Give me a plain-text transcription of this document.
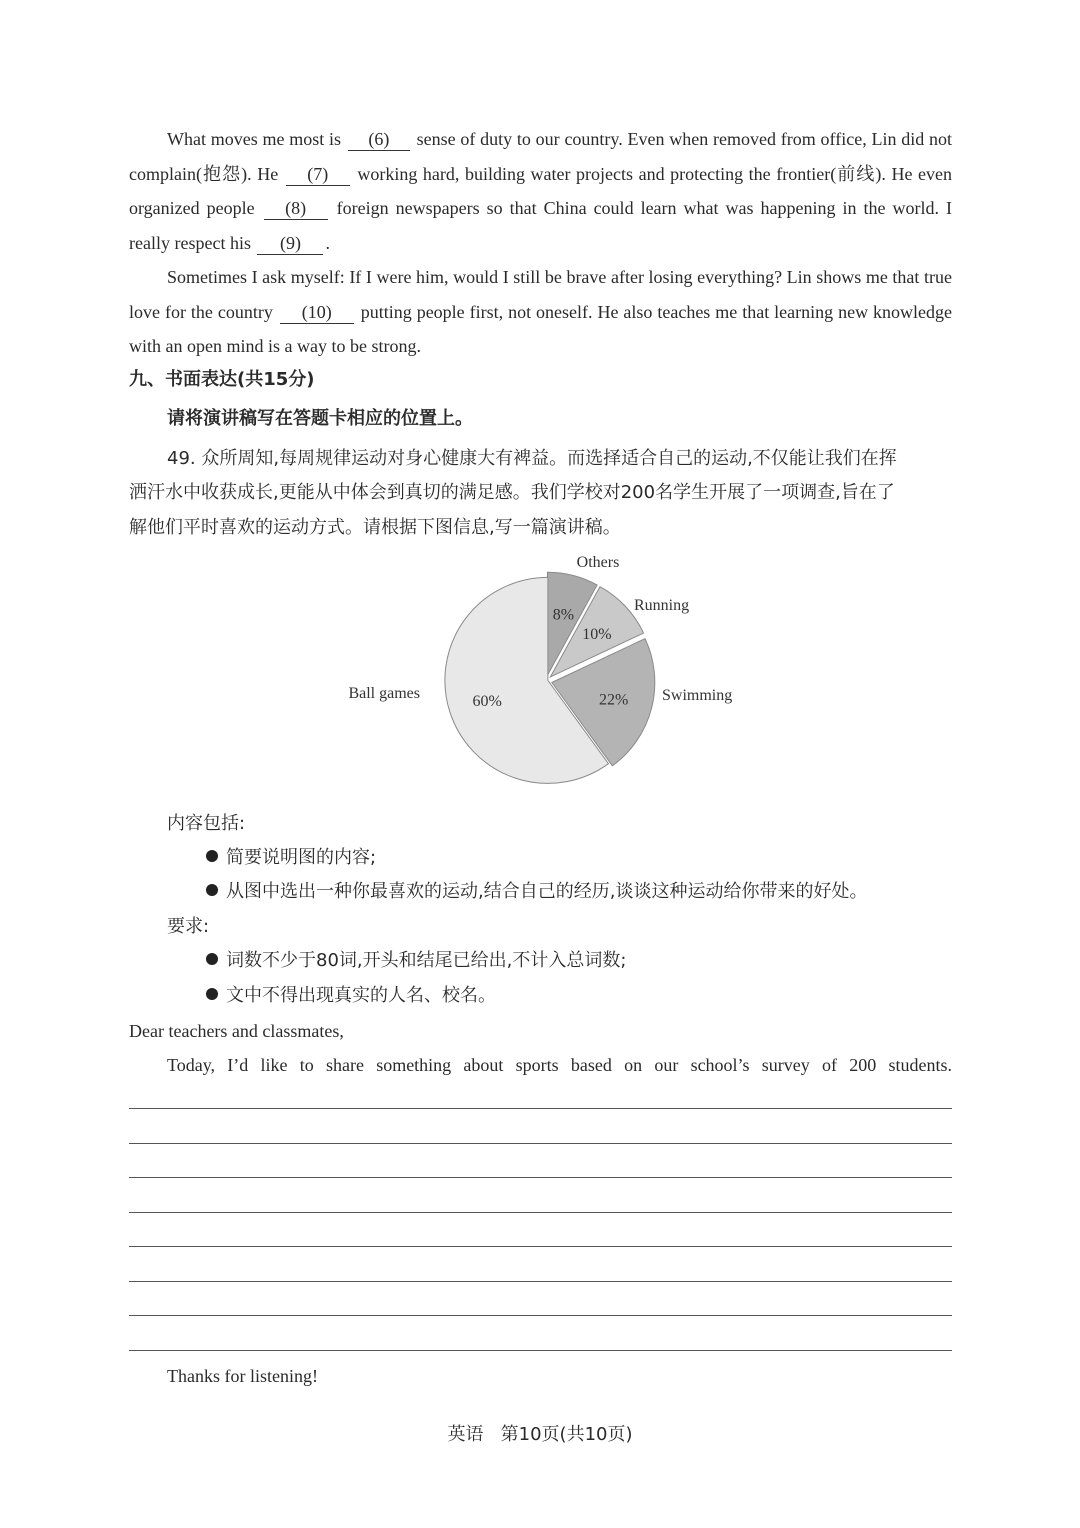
What moves me most is (6) sense of duty to our country. Even when removed from office, Lin did not complain(抱怨). He (7) working hard, building water projects and protecting the frontier(前线). He even organized people (8) foreign newspapers so that China could learn what was happening in the world. I really respect his (9) .
Sometimes I ask myself: If I were him, would I still be brave after losing everything? Lin shows me that true love for the country (10) putting people first, not oneself. He also teaches me that learning new knowledge with an open mind is a way to be strong.
九、书面表达(共15分)
请将演讲稿写在答题卡相应的位置上。
49. 众所周知,每周规律运动对身心健康大有裨益。而选择适合自己的运动,不仅能让我们在挥
洒汗水中收获成长,更能从中体会到真切的满足感。我们学校对200名学生开展了一项调查,旨在了
解他们平时喜欢的运动方式。请根据下图信息,写一篇演讲稿。
8%
Others
10%
Running
22% Swimming
60%
Ball games
内容包括:
简要说明图的内容;
从图中选出一种你最喜欢的运动,结合自己的经历,谈谈这种运动给你带来的好处。
要求:
词数不少于80词,开头和结尾已给出,不计入总词数;
文中不得出现真实的人名、校名。
Dear teachers and classmates,
Today, I’d like to share something about sports based on our school’s survey of 200 students.
Thanks for listening!
英语   第10页(共10页)
